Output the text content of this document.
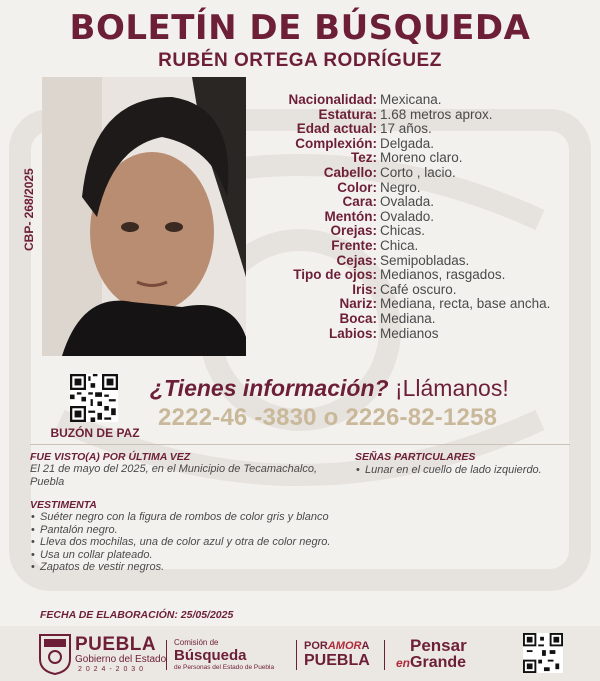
BOLETÍN DE BÚSQUEDA
RUBÉN ORTEGA RODRÍGUEZ
CBP- 268/2025
Nacionalidad: Mexicana.
Estatura: 1.68 metros aprox.
Edad actual: 17 años.
Complexión: Delgada.
Tez: Moreno claro.
Cabello: Corto , lacio.
Color: Negro.
Cara: Ovalada.
Mentón: Ovalado.
Orejas: Chicas.
Frente: Chica.
Cejas: Semipobladas.
Tipo de ojos: Medianos, rasgados.
Iris: Café oscuro.
Nariz: Mediana, recta, base ancha.
Boca: Mediana.
Labios: Medianos
BUZÓN DE PAZ
¿Tienes información? ¡Llámanos!
2222-46 -3830 o 2226-82-1258
FUE VISTO(A) POR ÚLTIMA VEZ
El 21 de mayo del 2025, en el Municipio de Tecamachalco, Puebla
SEÑAS PARTICULARES
• Lunar en el cuello de lado izquierdo.
VESTIMENTA
• Suéter negro con la figura de rombos de color gris y blanco
• Pantalón negro.
• Lleva dos mochilas, una de color azul y otra de color negro.
• Usa un collar plateado.
• Zapatos de vestir negros.
FECHA DE ELABORACIÓN: 25/05/2025
PUEBLA
Gobierno del Estado
2 0 2 4 - 2 0 3 0
Comisión de
Búsqueda
de Personas del Estado de Puebla
PORAMORA
PUEBLA
Pensar
enGrande
